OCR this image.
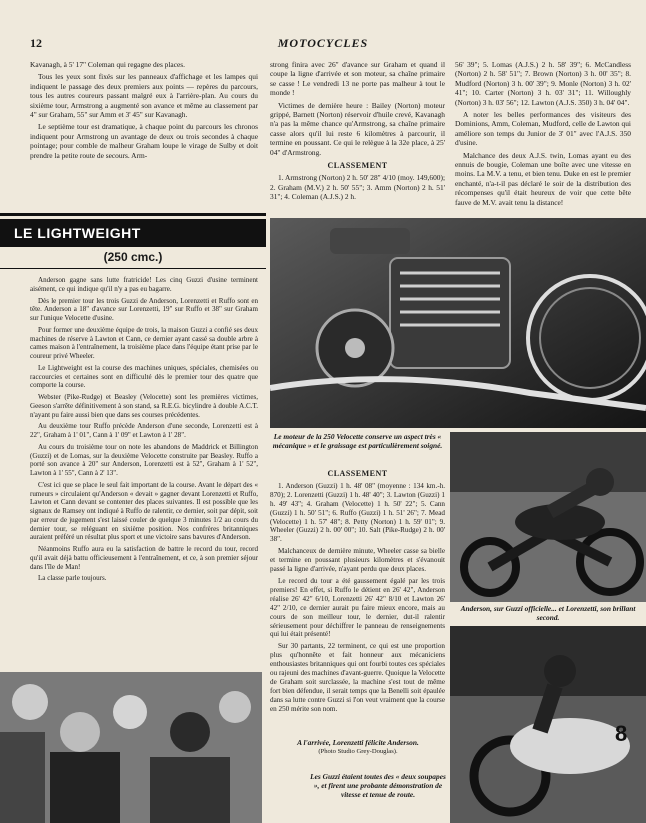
12	MOTOCYCLES

Kavanagh, à 5' 17" Coleman qui regagne des places.

Tous les yeux sont fixés sur les panneaux d'affichage et les lampes qui indiquent le passage des deux premiers aux points — repères du parcours, tous les autres coureurs passant malgré eux à l'arrière-plan. Au cours du sixième tour, Armstrong a augmenté son avance et même au classement par 4" sur Graham, 55" sur Amm et 3' 45" sur Kavanagh.

Le septième tour est dramatique, à chaque point du parcours les chronos indiquent pour Armstrong un avantage de deux ou trois secondes à chaque pointage; pour comble de malheur Graham loupe le virage de Sulby et doit prendre la petite route de secours. Arm-

strong finira avec 26" d'avance sur Graham et quand il coupe la ligne d'arrivée et son moteur, sa chaîne primaire se casse ! Le vendredi 13 ne porte pas malheur à tout le monde !

Victimes de dernière heure : Bailey (Norton) moteur grippé, Barnett (Norton) réservoir d'huile crevé, Kavanagh n'a pas la même chance qu'Armstrong, sa chaîne primaire casse alors qu'il lui reste 6 kilomètres à parcourir, il termine en poussant. Ce qui le relègue à la 32e place, à 25' 04" d'Armstrong.

CLASSEMENT

1. Armstrong (Norton) 2 h. 50' 28" 4/10 (moy. 149,600); 2. Graham (M.V.) 2 h. 50' 55"; 3. Amm (Norton) 2 h. 51' 31"; 4. Coleman (A.J.S.) 2 h.

56' 39"; 5. Lomas (A.J.S.) 2 h. 58' 39"; 6. McCandless (Norton) 2 h. 58' 51"; 7. Brown (Norton) 3 h. 00' 35"; 8. Mudford (Norton) 3 h. 00' 39"; 9. Monle (Norton) 3 h. 02' 41"; 10. Carter (Norton) 3 h. 03' 31"; 11. Willoughly (Norton) 3 h. 03' 56"; 12. Lawton (A.J.S. 350) 3 h. 04' 04".

A noter les belles performances des visiteurs des Dominions, Amm, Coleman, Mudford, celle de Lawton qui améliore son temps du Junior de 3' 01" avec l'A.J.S. 350 d'usine.

Malchance des deux A.J.S. twin, Lomas ayant eu des ennuis de bougie, Coleman une boîte avec une vitesse en moins. La M.V. a tenu, et bien tenu. Duke en est le premier enchanté, n'a-t-il pas déclaré le soir de la distribution des récompenses qu'il était heureux de voir que cette bête fauve de M.V. avait tenu la distance!

LE LIGHTWEIGHT
(250 cmc.)

Anderson gagne sans lutte fratricide! Les cinq Guzzi d'usine terminent aisément, ce qui indique qu'il n'y a pas eu bagarre.

Dès le premier tour les trois Guzzi de Anderson, Lorenzetti et Ruffo sont en tête. Anderson a 18" d'avance sur Lorenzetti, 19" sur Ruffo et 38" sur Graham sur l'unique Velocette d'usine.

Pour former une deuxième équipe de trois, la maison Guzzi a confié ses deux machines de réserve à Lawton et Cann, ce dernier ayant cassé sa double arbre à cames maison à l'entraînement, la troisième place dans l'équipe étant prise par le coureur privé Wheeler.

Le Lightweight est la course des machines uniques, spéciales, chemisées ou raccourcies et certaines sont en difficulté dès le premier tour des quatre que comporte la course.

Webster (Pike-Rudge) et Beasley (Velocette) sont les premières victimes, Geeson s'arrête définitivement à son stand, sa R.E.G. bicylindre à double A.C.T. n'ayant pu faire aussi bien que dans ses courses précédentes.

Au deuxième tour Ruffo précède Anderson d'une seconde, Lorenzetti est à 22", Graham à 1' 01", Cann à 1' 09" et Lawton à 1' 28".

Au cours du troisième tour on note les abandons de Maddrick et Billington (Guzzi) et de Lomas, sur la deuxième Velocette construite par Beasley. Ruffo a porté son avance à 20" sur Anderson, Lorenzetti est à 52", Graham à 1' 52", Lawton à 1' 55", Cann à 2' 13".

C'est ici que se place le seul fait important de la course. Avant le départ des « rumeurs » circulaient qu'Anderson « devait » gagner devant Lorenzetti et Ruffo, Lawton et Cann devant se contenter des places suivantes. Il est possible que les signaux de Ramsey ont indiqué à Ruffo de ralentir, ce dernier, soit par dépit, soit par erreur de jugement s'est laissé couler de quelque 3 minutes 1/2 au cours du dernier tour, se reléguant en sixième position. Nos confrères britanniques auraient préféré un résultat plus sport et une victoire sans bavures d'Anderson.

Néanmoins Ruffo aura eu la satisfaction de battre le record du tour, record qu'il avait déjà battu officieusement à l'entraînement, et ce, à son premier séjour dans l'île de Man!

La classe parle toujours.

Le moteur de la 250 Velocette conserve un aspect très « mécanique » et le graissage est particulièrement soigné.
CLASSEMENT

1. Anderson (Guzzi) 1 h. 48' 08" (moyenne : 134 km.-h. 870); 2. Lorenzetti (Guzzi) 1 h. 48' 40"; 3. Lawton (Guzzi) 1 h. 49' 43"; 4. Graham (Velocette) 1 h. 50' 22"; 5. Cann (Guzzi) 1 h. 50' 51"; 6. Ruffo (Guzzi) 1 h. 51' 26"; 7. Mead (Velocette) 1 h. 57' 48"; 8. Petty (Norton) 1 h. 59' 01"; 9. Wheeler (Guzzi) 2 h. 00' 00"; 10. Salt (Pike-Rudge) 2 h. 00' 38".

Malchanceux de dernière minute, Wheeler casse sa bielle et termine en poussant plusieurs kilomètres et s'évanouit passé la ligne d'arrivée, n'ayant perdu que deux places.

Le record du tour a été gaussement égalé par les trois premiers! En effet, si Ruffo le détient en 26' 42", Anderson réalise 26' 42" 6/10, Lorenzetti 26' 42" 8/10 et Lawton 26' 42" 2/10, ce dernier aurait pu faire mieux encore, mais au cours de son meilleur tour, le dernier, dut-il ralentir sérieusement pour déchiffrer le panneau de renseignements qui lui était présenté!

Sur 30 partants, 22 terminent, ce qui est une proportion plus qu'honnête et fait honneur aux mécaniciens enthousiastes britanniques qui ont fourbi toutes ces spéciales ou rajeuni des machines d'avant-guerre. Quoique la Velocette de Graham soit surclassée, la machine s'est tout de même fort bien défendue, il serait temps que la Benelli soit épaulée dans sa lutte contre Guzzi si l'on veut vraiment que la course en 250 mérite son nom.

Anderson, sur Guzzi officielle... et Lorenzetti, son brillant second.
8
A l'arrivée, Lorenzetti félicite Anderson.
(Photo Studio Grey-Douglas).
Les Guzzi étaient toutes des « deux soupapes », et firent une probante démonstration de vitesse et tenue de route.
